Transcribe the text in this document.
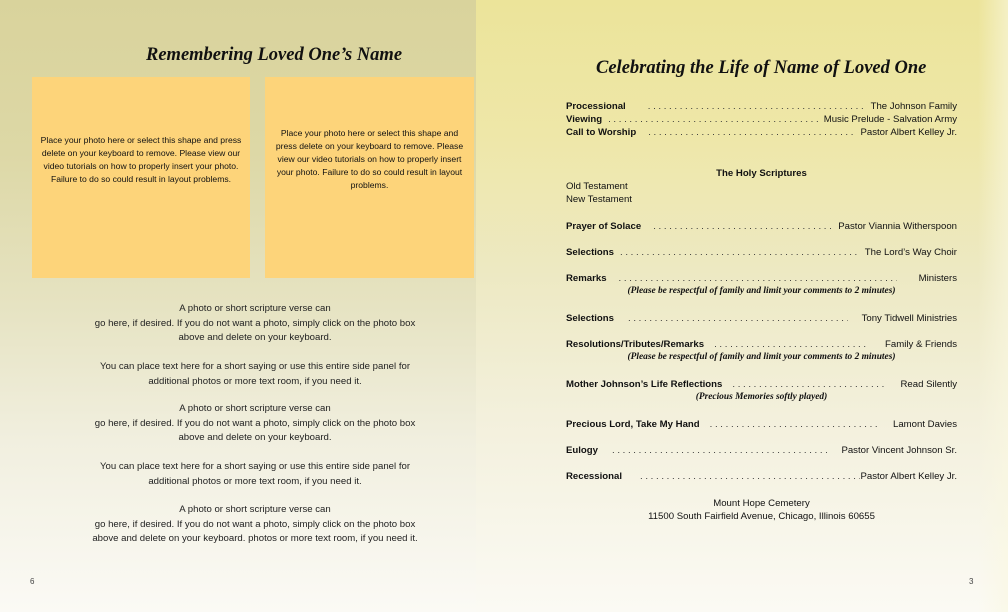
Remembering Loved One’s Name
Place your photo here or select this shape and press delete on your keyboard to remove. Please view our video tutorials on how to properly insert your photo. Failure to do so could result in layout problems.
Place your photo here or select this shape and press delete on your keyboard to remove. Please view our video tutorials on how to properly insert your photo. Failure to do so could result in layout problems.

A photo or short scripture verse can

go here, if desired. If you do not want a photo, simply click on the photo box

above and delete on your keyboard.

You can place text here for a short saying or use this entire side panel for

additional photos or more text room, if you need it.

A photo or short scripture verse can

go here, if desired. If you do not want a photo, simply click on the photo box

above and delete on your keyboard.

You can place text here for a short saying or use this entire side panel for

additional photos or more text room, if you need it.

A photo or short scripture verse can

go here, if desired. If you do not want a photo, simply click on the photo box

above and delete on your keyboard. photos or more text room, if you need it.

6
Celebrating the Life of Name of Loved One
Processional . . .	The Johnson Family
Viewing . . .	Music Prelude - Salvation Army
Call to Worship . . .	Pastor Albert Kelley Jr.
The Holy Scriptures
Old Testament
New Testament
Prayer of Solace . . .	Pastor Viannia Witherspoon
Selections . . .	The Lord’s Way Choir
Remarks . . .	Ministers
(Please be respectful of family and limit your comments to 2 minutes)
Selections . . .	Tony Tidwell Ministries
Resolutions/Tributes/Remarks . . .	Family & Friends
(Please be respectful of family and limit your comments to 2 minutes)
Mother Johnson’s Life Reflections . . .	Read Silently
(Precious Memories softly played)
Precious Lord, Take My Hand . . .	Lamont Davies
Eulogy . . .	Pastor Vincent Johnson Sr.
Recessional . . .	Pastor Albert Kelley Jr.
Mount Hope Cemetery
11500 South Fairfield Avenue, Chicago, Illinois 60655
3
